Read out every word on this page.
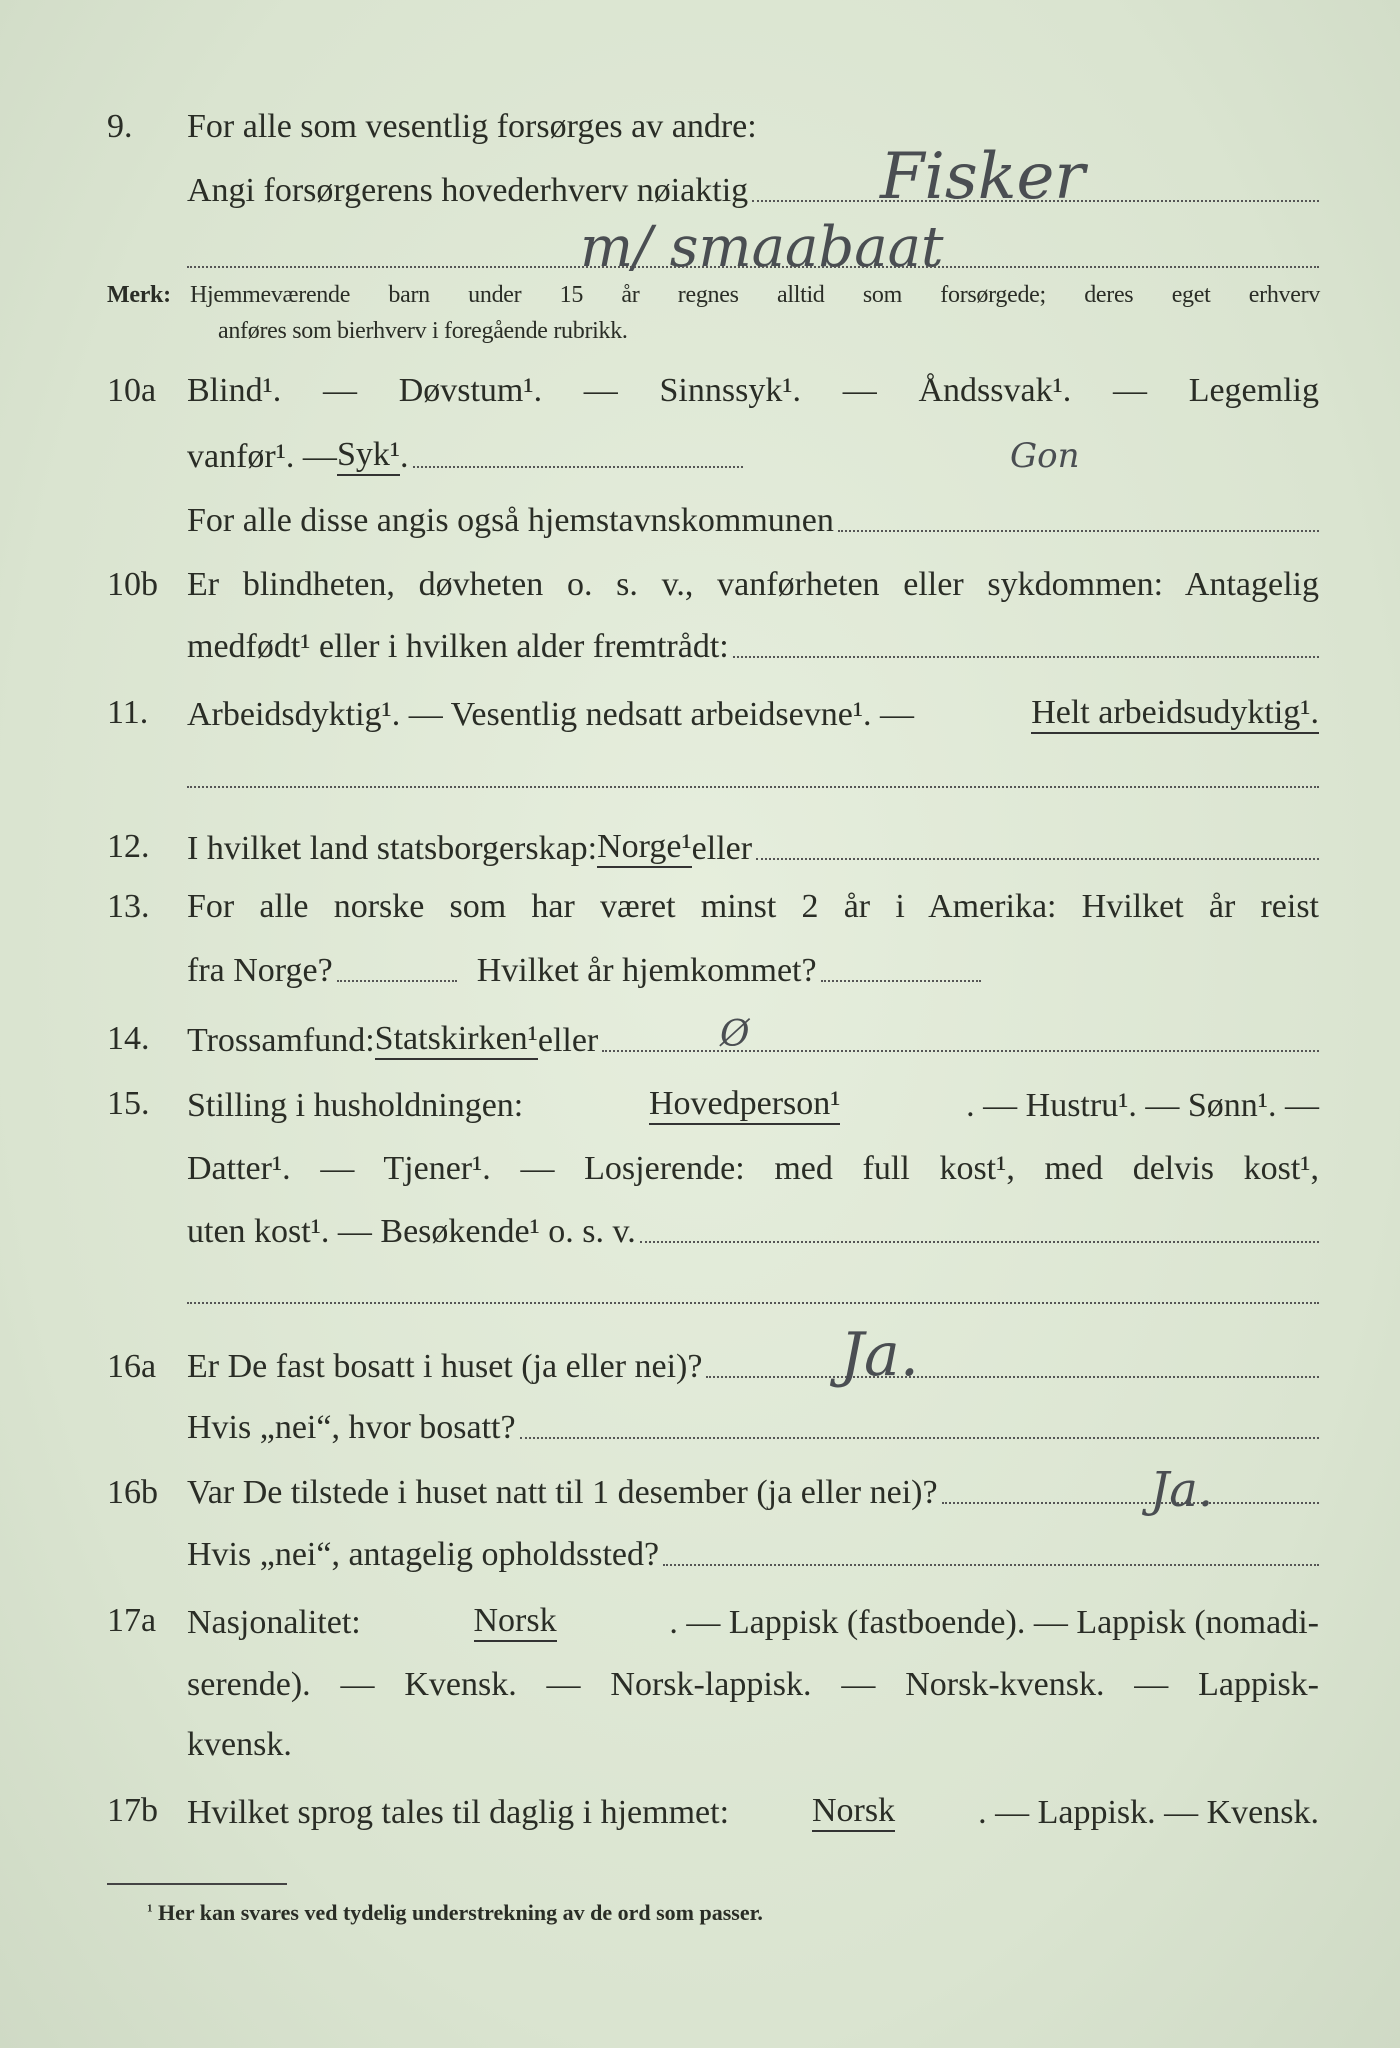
9. For alle som vesentlig forsørges av andre:
Angi forsørgerens hovederhverv nøiaktig Fisker
m/ smaabaat
Merk: Hjemmeværende barn under 15 år regnes alltid som forsørgede; deres eget erhverv
anføres som bierhverv i foregående rubrikk.
10a Blind¹. — Døvstum¹. — Sinnssyk¹. — Åndssvak¹. — Legemlig
vanfør¹. — Syk¹ .	Gon
For alle disse angis også hjemstavnskommunen
10b Er blindheten, døvheten o. s. v., vanførheten eller sykdommen: Antagelig
medfødt¹ eller i hvilken alder fremtrådt:
11. Arbeidsdyktig¹. — Vesentlig nedsatt arbeidsevne¹. —	Helt arbeidsudyktig¹.
12. I hvilket land statsborgerskap: Norge¹ eller
13. For alle norske som har været minst 2 år i Amerika: Hvilket år reist
fra Norge?	Hvilket år hjemkommet?
14. Trossamfund: Statskirken¹ eller	Ø
15. Stilling i husholdningen:	Hovedperson¹	. — Hustru¹. — Sønn¹. —
Datter¹. — Tjener¹. — Losjerende: med full kost¹, med delvis kost¹,
uten kost¹. — Besøkende¹ o. s. v.
16a Er De fast bosatt i huset (ja eller nei)? Ja.
Hvis „nei“, hvor bosatt?
16b Var De tilstede i huset natt til 1 desember (ja eller nei)?	Ja.
Hvis „nei“, antagelig opholdssted?
17a Nasjonalitet:	Norsk	. — Lappisk (fastboende). — Lappisk (nomadi-
serende). — Kvensk. — Norsk-lappisk. — Norsk-kvensk. — Lappisk-
kvensk.
17b Hvilket sprog tales til daglig i hjemmet: Norsk . — Lappisk. — Kvensk.
$^1$ Her kan svares ved tydelig understrekning av de ord som passer.
